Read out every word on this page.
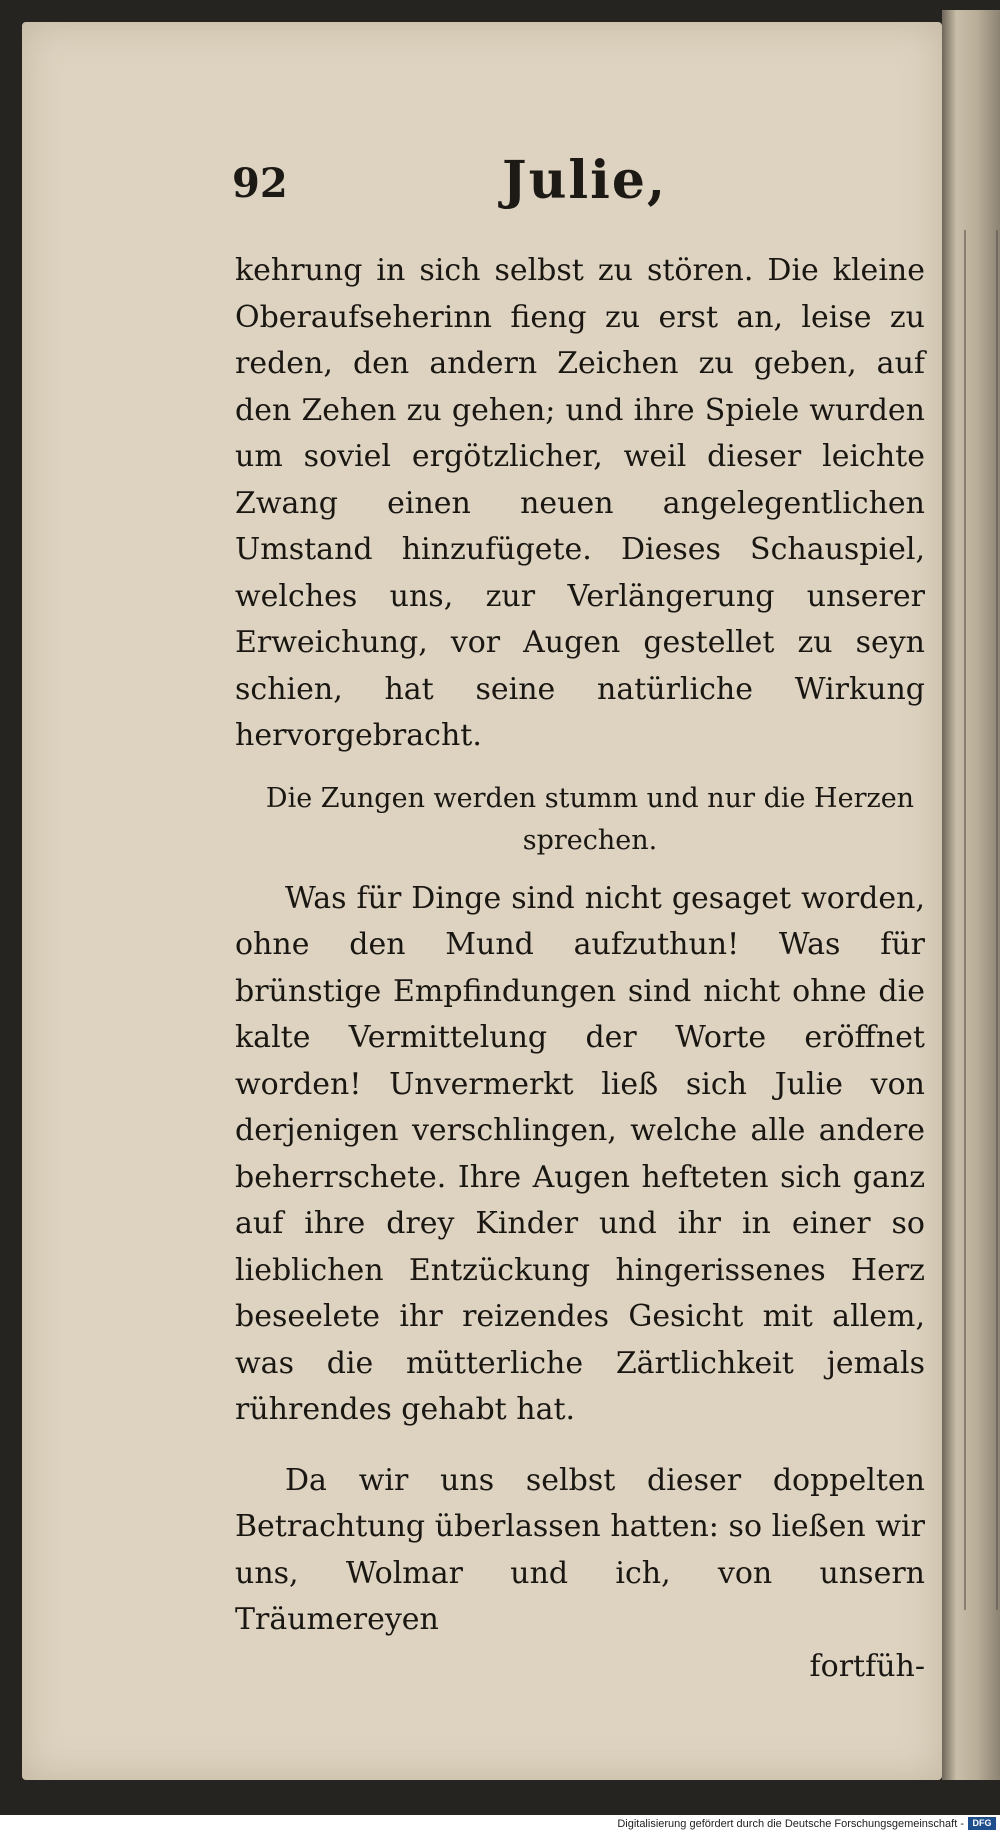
92	Julie,

kehrung in sich selbst zu stören. Die kleine Oberaufseherinn fieng zu erst an, leise zu reden, den andern Zeichen zu geben, auf den Zehen zu gehen; und ihre Spiele wurden um soviel ergötzlicher, weil dieser leichte Zwang einen neuen angelegentlichen Umstand hinzufügete. Dieses Schauspiel, welches uns, zur Verlängerung unserer Erweichung, vor Augen gestellet zu seyn schien, hat seine natürliche Wirkung hervorgebracht.

Die Zungen werden stumm und nur die Herzen sprechen.

Was für Dinge sind nicht gesaget worden, ohne den Mund aufzuthun! Was für brünstige Empfindungen sind nicht ohne die kalte Vermittelung der Worte eröffnet worden! Unvermerkt ließ sich Julie von derjenigen verschlingen, welche alle andere beherrschete. Ihre Augen hefteten sich ganz auf ihre drey Kinder und ihr in einer so lieblichen Entzückung hingerissenes Herz beseelete ihr reizendes Gesicht mit allem, was die mütterliche Zärtlichkeit jemals rührendes gehabt hat.

Da wir uns selbst dieser doppelten Betrachtung überlassen hatten: so ließen wir uns, Wolmar und ich, von unsern Träumereyen

fortfüh-

Digitalisierung gefördert durch die Deutsche Forschungsgemeinschaft - DFG
